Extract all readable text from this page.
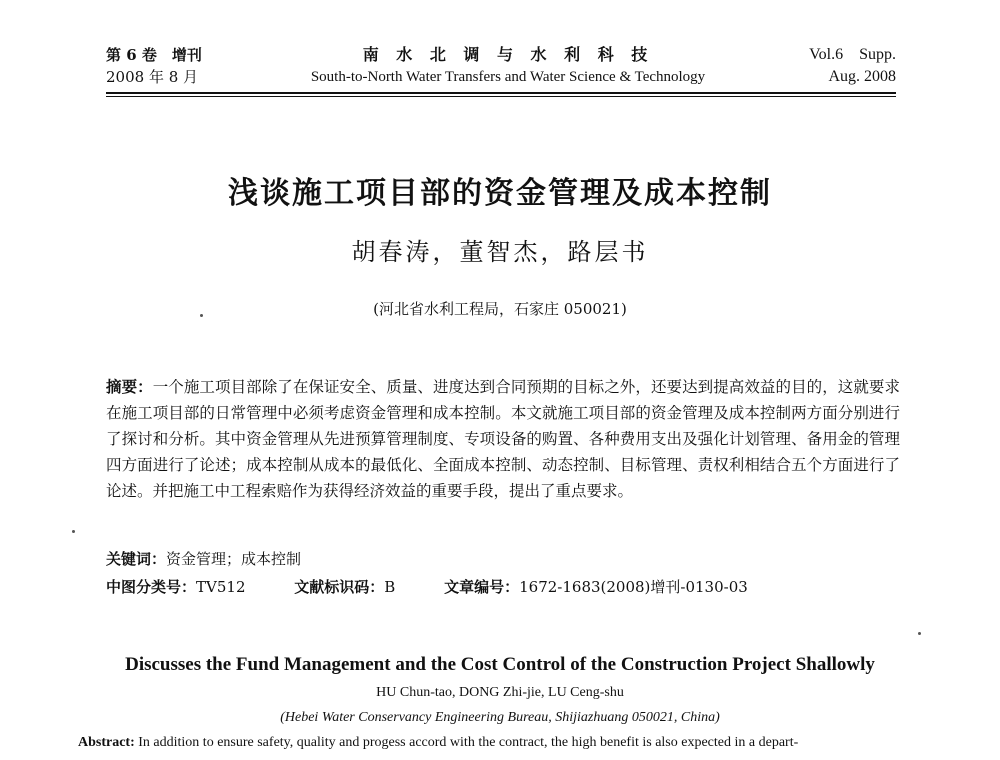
第 6 卷　增刊
2008 年 8 月
南 水 北 调 与 水 利 科 技
South-to-North Water Transfers and Water Science & Technology
Vol.6　Supp.
Aug. 2008
浅谈施工项目部的资金管理及成本控制
胡春涛，董智杰，路层书
(河北省水利工程局，石家庄 050021)
摘要：一个施工项目部除了在保证安全、质量、进度达到合同预期的目标之外，还要达到提高效益的目的，这就要求在施工项目部的日常管理中必须考虑资金管理和成本控制。本文就施工项目部的资金管理及成本控制两方面分别进行了探讨和分析。其中资金管理从先进预算管理制度、专项设备的购置、各种费用支出及强化计划管理、备用金的管理四方面进行了论述；成本控制从成本的最低化、全面成本控制、动态控制、目标管理、责权利相结合五个方面进行了论述。并把施工中工程索赔作为获得经济效益的重要手段，提出了重点要求。
关键词：资金管理；成本控制
中图分类号：TV512	文献标识码：B	文章编号：1672-1683(2008)增刊-0130-03
Discusses the Fund Management and the Cost Control of the Construction Project Shallowly
HU Chun-tao, DONG Zhi-jie, LU Ceng-shu
(Hebei Water Conservancy Engineering Bureau, Shijiazhuang 050021, China)
Abstract: In addition to ensure safety, quality and progess accord with the contract, the high benefit is also expected in a depart-
